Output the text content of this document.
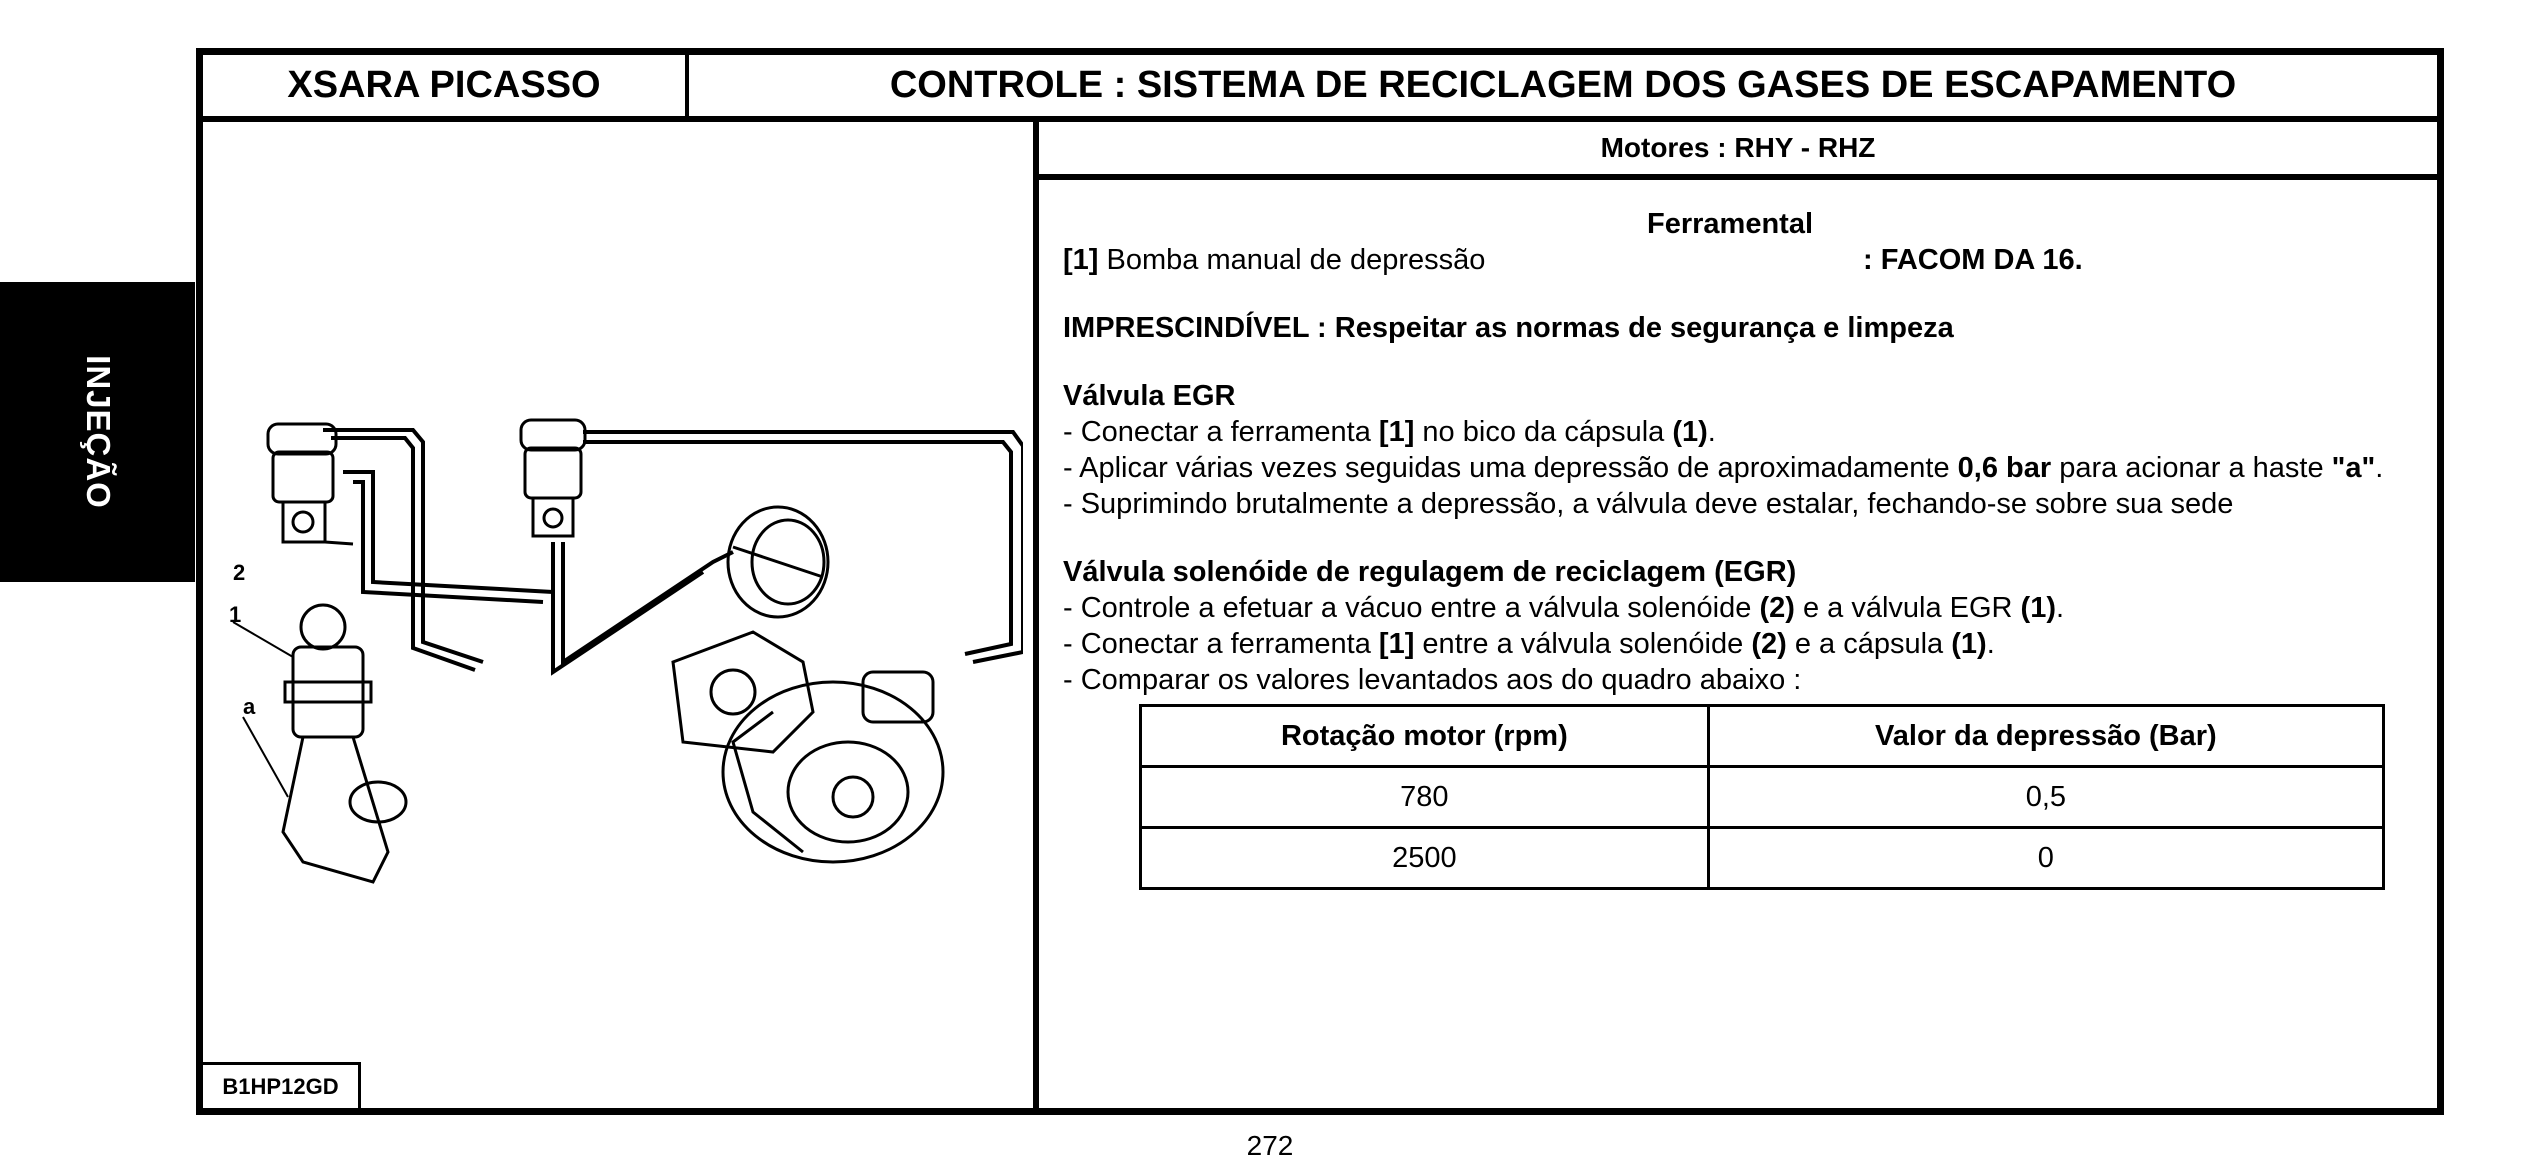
INJEÇÃO
XSARA PICASSO	CONTROLE : SISTEMA DE RECICLAGEM DOS GASES DE ESCAPAMENTO
2
1
a
B1HP12GD
Motores : RHY - RHZ

Ferramental

[1] Bomba manual de depressão	: FACOM DA 16.

IMPRESCINDÍVEL : Respeitar as normas de segurança e limpeza

Válvula EGR

- Conectar a ferramenta [1] no bico da cápsula (1).

- Aplicar várias vezes seguidas uma depressão de aproximadamente 0,6 bar para acionar a haste "a".

- Suprimindo brutalmente a depressão, a válvula deve estalar, fechando-se sobre sua sede

Válvula solenóide de regulagem de reciclagem (EGR)

- Controle a efetuar a vácuo entre a válvula solenóide (2) e a válvula EGR (1).

- Conectar a ferramenta [1] entre a válvula solenóide (2) e a cápsula (1).

- Comparar os valores levantados aos do quadro abaixo :

Rotação motor (rpm)	Valor da depressão (Bar)
780	0,5
2500	0
272
